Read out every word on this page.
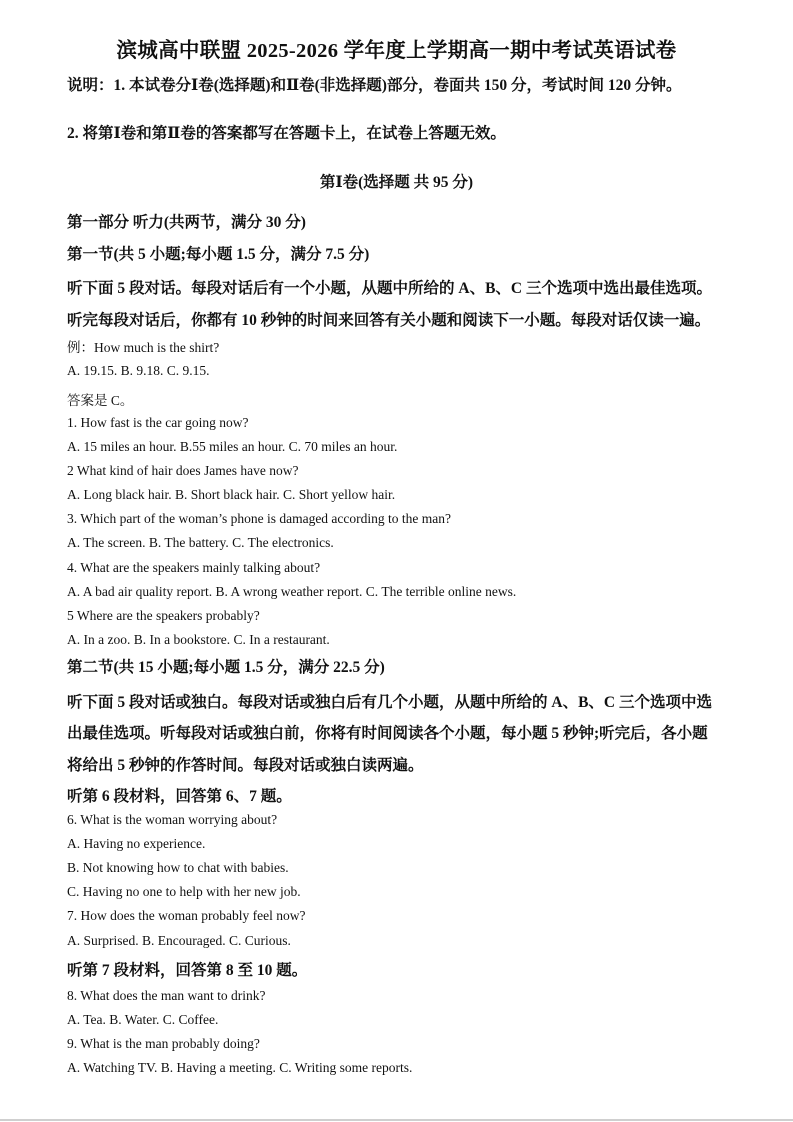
滨城高中联盟 2025-2026 学年度上学期高一期中考试英语试卷
说明：1. 本试卷分Ⅰ卷(选择题)和Ⅱ卷(非选择题)部分，卷面共 150 分，考试时间 120 分钟。
2. 将第Ⅰ卷和第Ⅱ卷的答案都写在答题卡上，在试卷上答题无效。
第Ⅰ卷(选择题 共 95 分)
第一部分 听力(共两节，满分 30 分)
第一节(共 5 小题;每小题 1.5 分，满分 7.5 分)
听下面 5 段对话。每段对话后有一个小题，从题中所给的 A、B、C 三个选项中选出最佳选项。
听完每段对话后，你都有 10 秒钟的时间来回答有关小题和阅读下一小题。每段对话仅读一遍。
例：How much is the shirt?
A. 19.15. B. 9.18. C. 9.15.
答案是 C。
1. How fast is the car going now?
A. 15 miles an hour. B.55 miles an hour. C. 70 miles an hour.
2 What kind of hair does James have now?
A. Long black hair. B. Short black hair. C. Short yellow hair.
3. Which part of the woman’s phone is damaged according to the man?
A. The screen. B. The battery. C. The electronics.
4. What are the speakers mainly talking about?
A. A bad air quality report. B. A wrong weather report. C. The terrible online news.
5 Where are the speakers probably?
A. In a zoo. B. In a bookstore. C. In a restaurant.
第二节(共 15 小题;每小题 1.5 分，满分 22.5 分)
听下面 5 段对话或独白。每段对话或独白后有几个小题，从题中所给的 A、B、C 三个选项中选
出最佳选项。听每段对话或独白前，你将有时间阅读各个小题，每小题 5 秒钟;听完后，各小题
将给出 5 秒钟的作答时间。每段对话或独白读两遍。
听第 6 段材料，回答第 6、7 题。
6. What is the woman worrying about?
A. Having no experience.
B. Not knowing how to chat with babies.
C. Having no one to help with her new job.
7. How does the woman probably feel now?
A. Surprised. B. Encouraged. C. Curious.
听第 7 段材料，回答第 8 至 10 题。
8. What does the man want to drink?
A. Tea. B. Water. C. Coffee.
9. What is the man probably doing?
A. Watching TV. B. Having a meeting. C. Writing some reports.
